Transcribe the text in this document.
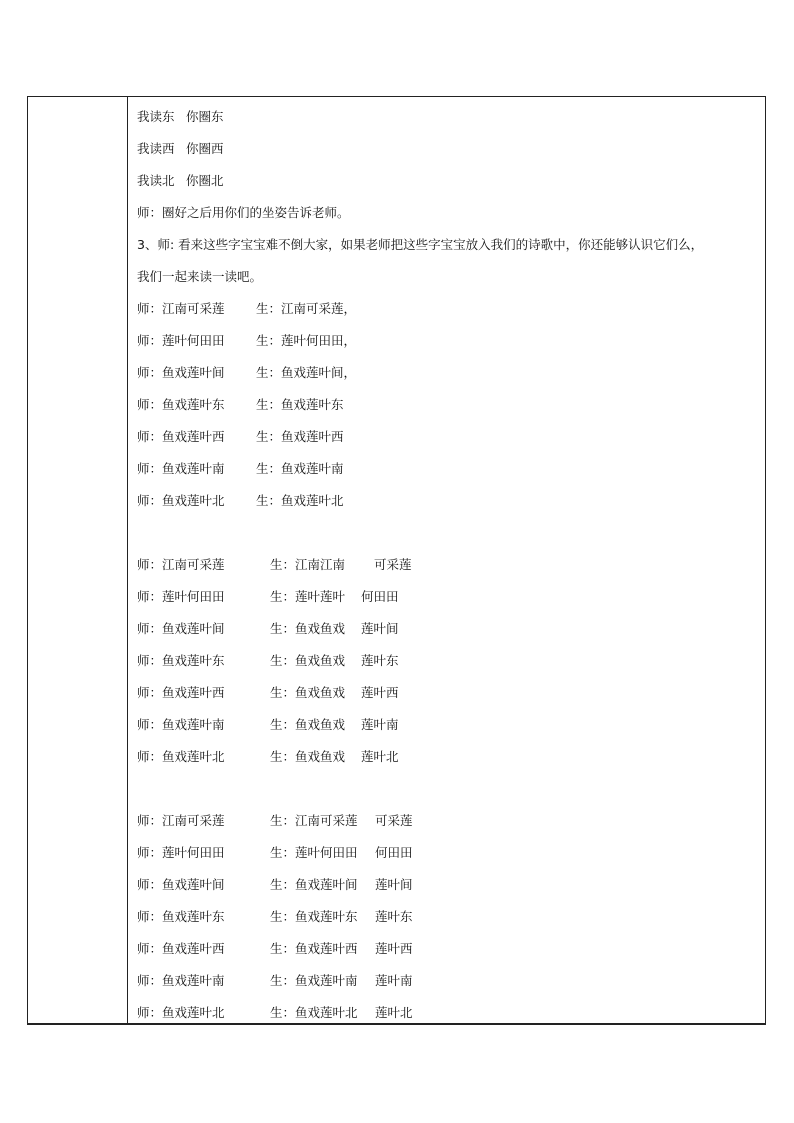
我读东 你圈东
我读西 你圈西
我读北 你圈北
师：圈好之后用你们的坐姿告诉老师。
3、师: 看来这些字宝宝难不倒大家，如果老师把这些字宝宝放入我们的诗歌中，你还能够认识它们么，
我们一起来读一读吧。
师：江南可采莲	生：江南可采莲，
师：莲叶何田田	生：莲叶何田田，
师：鱼戏莲叶间	生：鱼戏莲叶间，
师：鱼戏莲叶东	生：鱼戏莲叶东
师：鱼戏莲叶西	生：鱼戏莲叶西
师：鱼戏莲叶南	生：鱼戏莲叶南
师：鱼戏莲叶北	生：鱼戏莲叶北
师：江南可采莲	生：江南江南 可采莲
师：莲叶何田田	生：莲叶莲叶 何田田
师：鱼戏莲叶间	生：鱼戏鱼戏 莲叶间
师：鱼戏莲叶东	生：鱼戏鱼戏 莲叶东
师：鱼戏莲叶西	生：鱼戏鱼戏 莲叶西
师：鱼戏莲叶南	生：鱼戏鱼戏 莲叶南
师：鱼戏莲叶北	生：鱼戏鱼戏 莲叶北
师：江南可采莲	生：江南可采莲 可采莲
师：莲叶何田田	生：莲叶何田田 何田田
师：鱼戏莲叶间	生：鱼戏莲叶间 莲叶间
师：鱼戏莲叶东	生：鱼戏莲叶东 莲叶东
师：鱼戏莲叶西	生：鱼戏莲叶西 莲叶西
师：鱼戏莲叶南	生：鱼戏莲叶南 莲叶南
师：鱼戏莲叶北	生：鱼戏莲叶北 莲叶北
